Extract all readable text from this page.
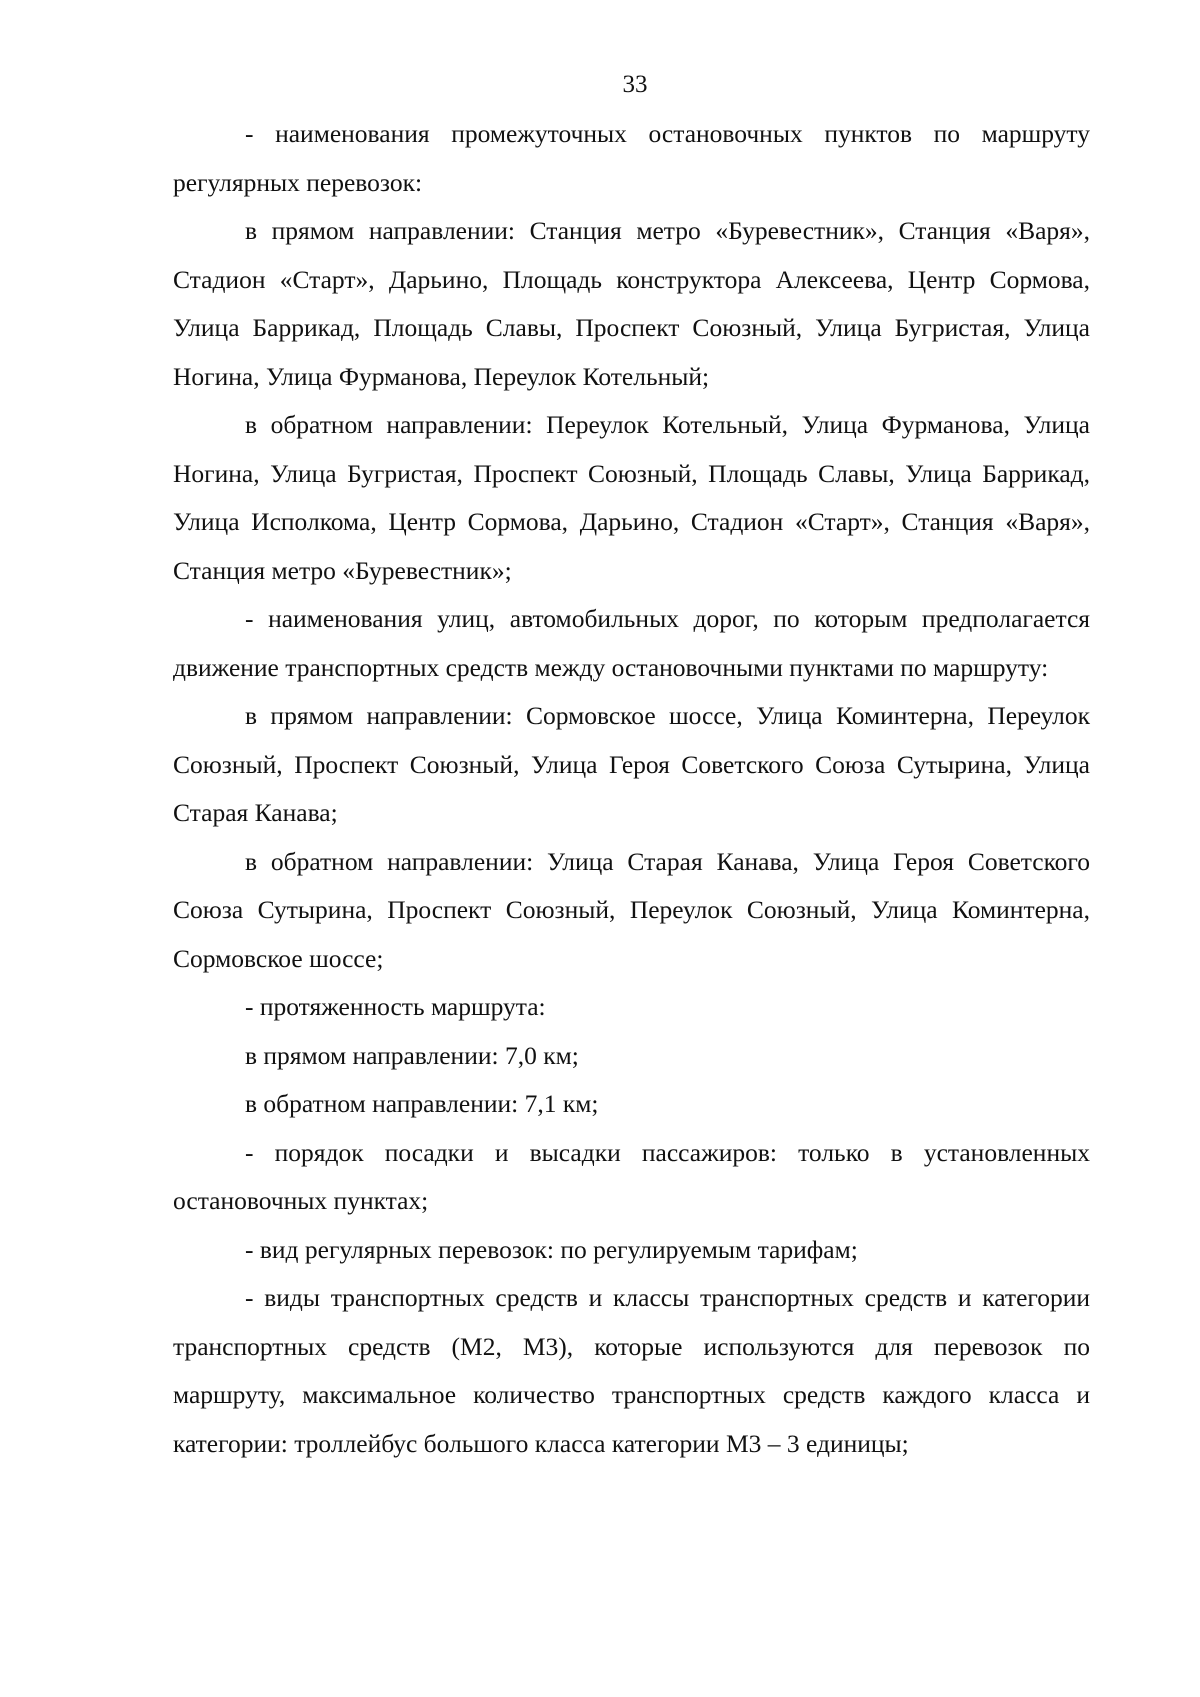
33

- наименования промежуточных остановочных пунктов по маршруту регулярных перевозок:

в прямом направлении: Станция метро «Буревестник», Станция «Варя», Стадион «Старт», Дарьино, Площадь конструктора Алексеева, Центр Сормова, Улица Баррикад, Площадь Славы, Проспект Союзный, Улица Бугристая, Улица Ногина, Улица Фурманова, Переулок Котельный;

в обратном направлении: Переулок Котельный, Улица Фурманова, Улица Ногина, Улица Бугристая, Проспект Союзный, Площадь Славы, Улица Баррикад, Улица Исполкома, Центр Сормова, Дарьино, Стадион «Старт», Станция «Варя», Станция метро «Буревестник»;

- наименования улиц, автомобильных дорог, по которым предполагается движение транспортных средств между остановочными пунктами по маршруту:

в прямом направлении: Сормовское шоссе, Улица Коминтерна, Переулок Союзный, Проспект Союзный, Улица Героя Советского Союза Сутырина, Улица Старая Канава;

в обратном направлении: Улица Старая Канава, Улица Героя Советского Союза Сутырина, Проспект Союзный, Переулок Союзный, Улица Коминтерна, Сормовское шоссе;

- протяженность маршрута:

в прямом направлении: 7,0 км;

в обратном направлении: 7,1 км;

- порядок посадки и высадки пассажиров: только в установленных остановочных пунктах;

- вид регулярных перевозок: по регулируемым тарифам;

- виды транспортных средств и классы транспортных средств и категории транспортных средств (М2, М3), которые используются для перевозок по маршруту, максимальное количество транспортных средств каждого класса и категории: троллейбус большого класса категории М3 – 3 единицы;
